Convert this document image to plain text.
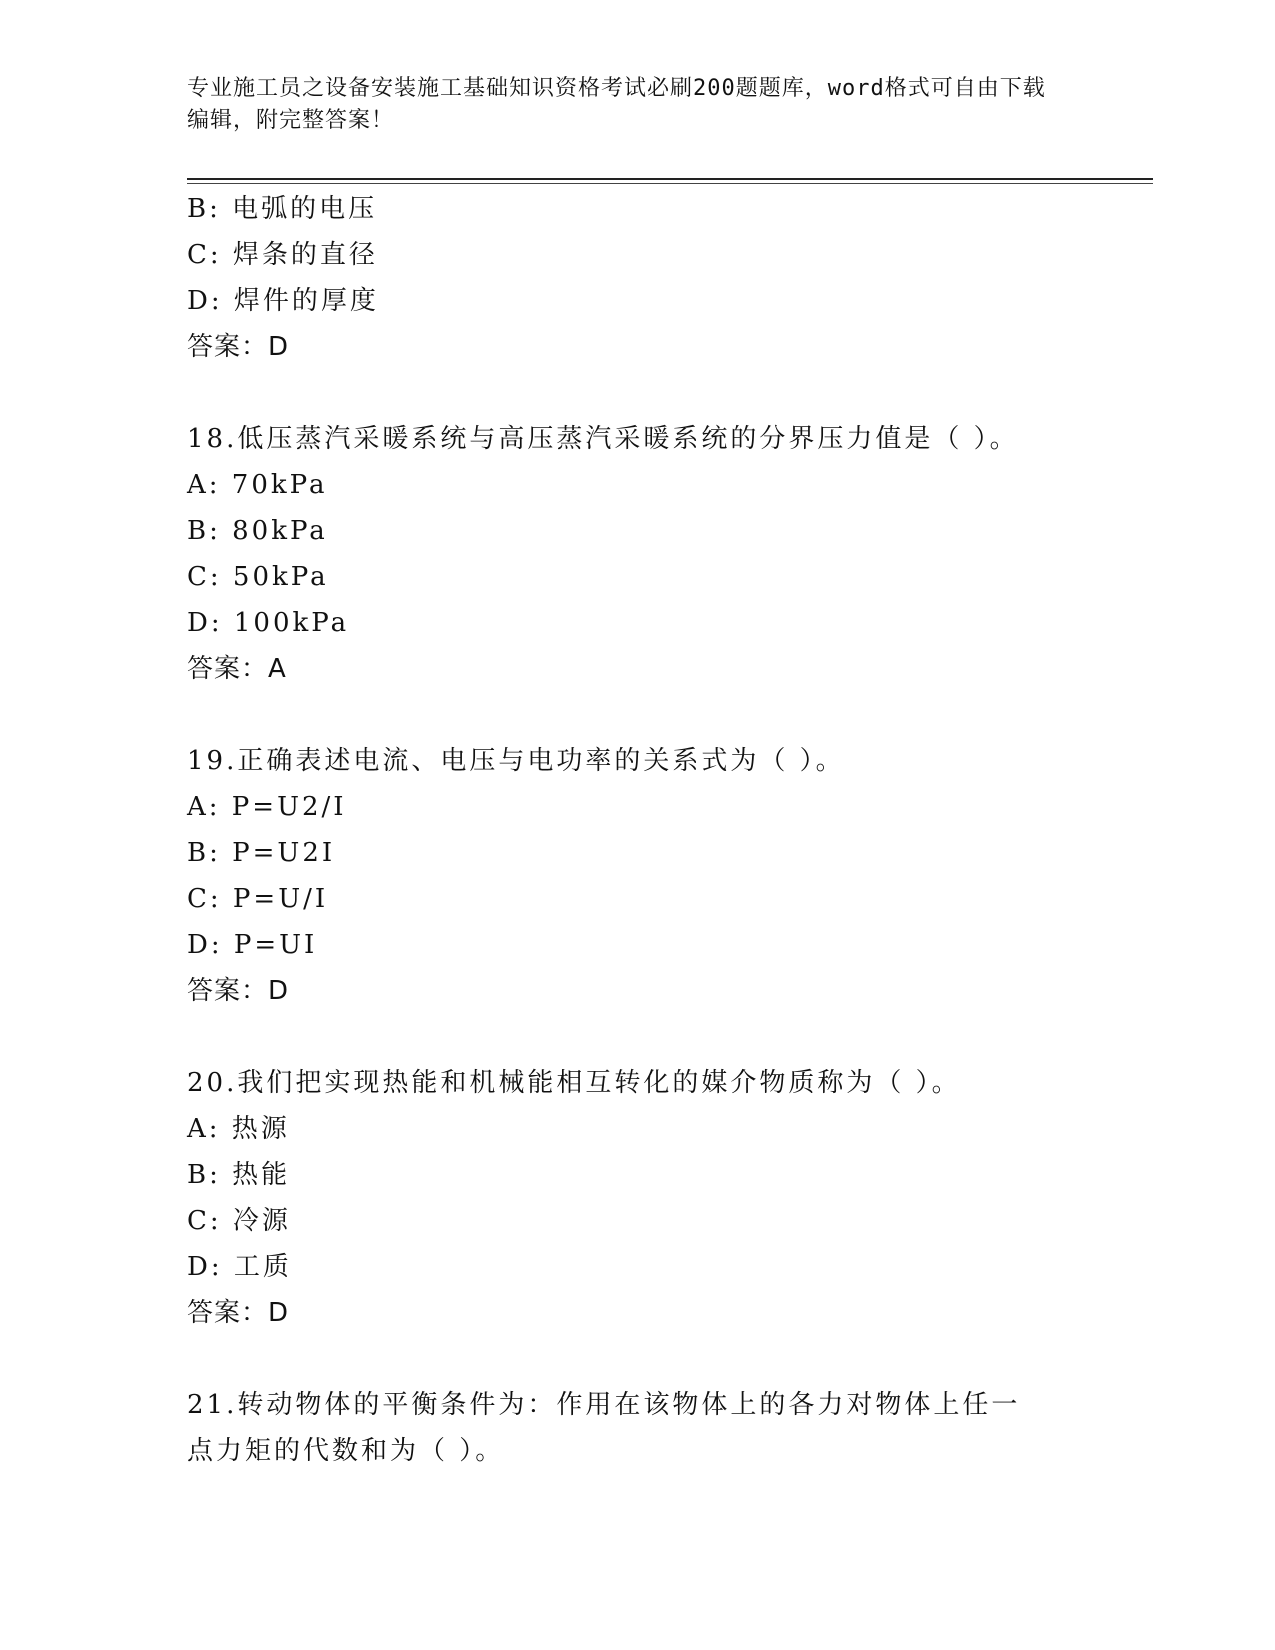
专业施工员之设备安装施工基础知识资格考试必刷200题题库，word格式可自由下载编辑，附完整答案！
B: 电弧的电压
C: 焊条的直径
D: 焊件的厚度
答案：D
18.低压蒸汽采暖系统与高压蒸汽采暖系统的分界压力值是（ ）。
A: 70kPa
B: 80kPa
C: 50kPa
D: 100kPa
答案：A
19.正确表述电流、电压与电功率的关系式为（ ）。
A: P=U2/I
B: P=U2I
C: P=U/I
D: P=UI
答案：D
20.我们把实现热能和机械能相互转化的媒介物质称为（ ）。
A: 热源
B: 热能
C: 冷源
D: 工质
答案：D
21.转动物体的平衡条件为：作用在该物体上的各力对物体上任一点力矩的代数和为（ ）。
